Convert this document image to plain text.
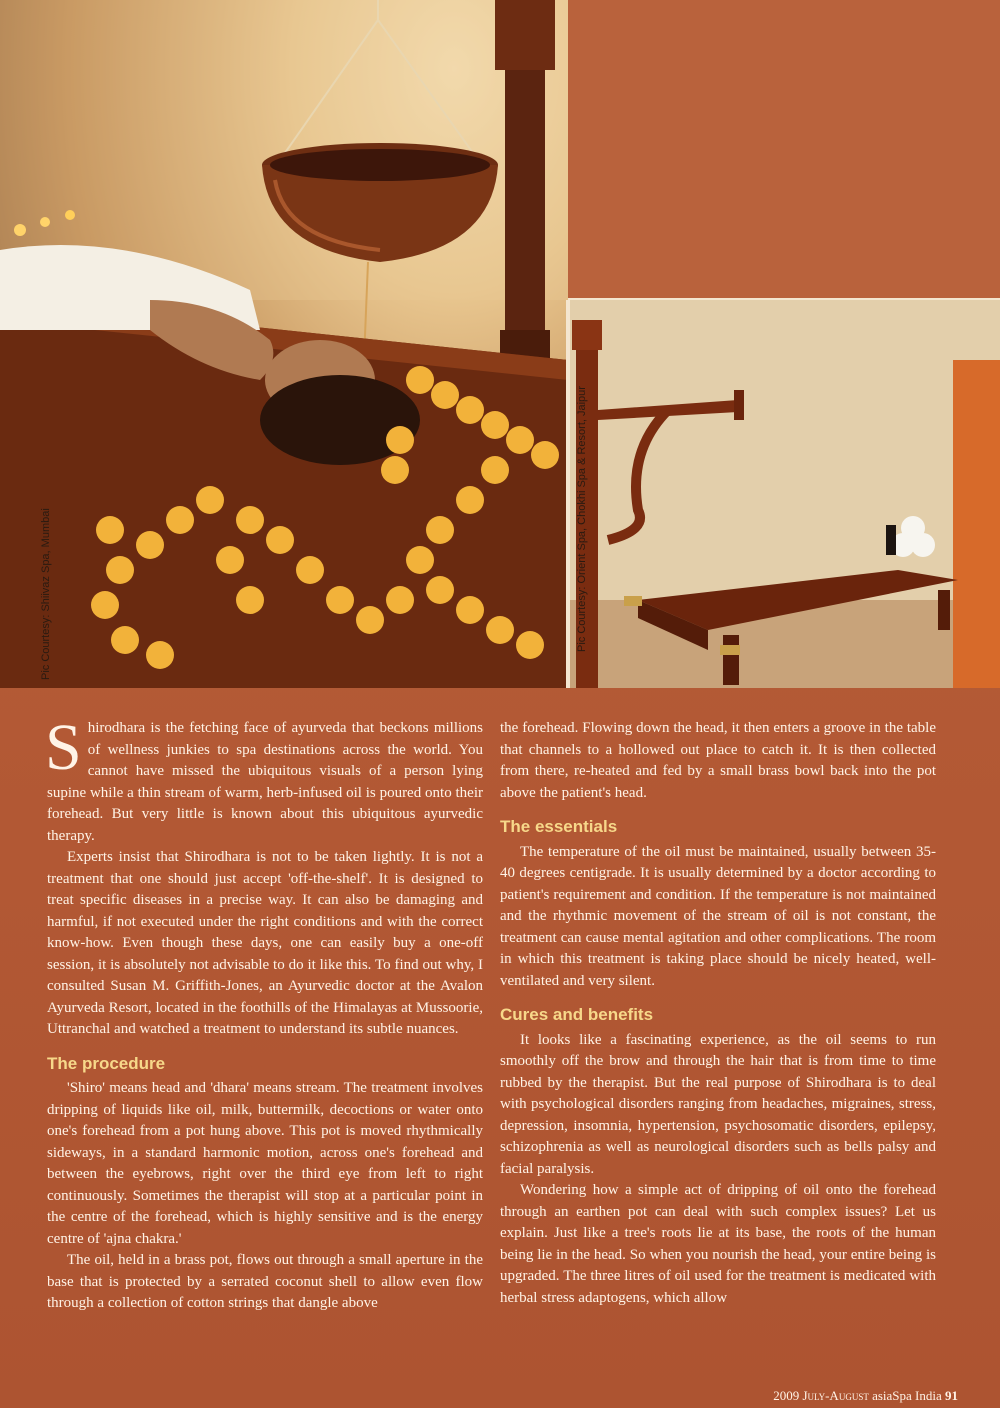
Pic Courtesy: Shiivaz Spa, Mumbai	Pic Courtesy: Orient Spa, Chokhi Spa & Resort, Jaipur

Shirodhara is the fetching face of ayurveda that beckons millions of wellness junkies to spa destinations across the world. You cannot have missed the ubiquitous visuals of a person lying supine while a thin stream of warm, herb-infused oil is poured onto their forehead. But very little is known about this ubiquitous ayurvedic therapy.

Experts insist that Shirodhara is not to be taken lightly. It is not a treatment that one should just accept 'off-the-shelf'. It is designed to treat specific diseases in a precise way. It can also be damaging and harmful, if not executed under the right conditions and with the correct know-how. Even though these days, one can easily buy a one-off session, it is absolutely not advisable to do it like this. To find out why, I consulted Susan M. Griffith-Jones, an Ayurvedic doctor at the Avalon Ayurveda Resort, located in the foothills of the Himalayas at Mussoorie, Uttranchal and watched a treatment to understand its subtle nuances.

The procedure

'Shiro' means head and 'dhara' means stream. The treatment involves dripping of liquids like oil, milk, buttermilk, decoctions or water onto one's forehead from a pot hung above. This pot is moved rhythmically sideways, in a standard harmonic motion, across one's forehead and between the eyebrows, right over the third eye from left to right continuously. Sometimes the therapist will stop at a particular point in the centre of the forehead, which is highly sensitive and is the energy centre of 'ajna chakra.'

The oil, held in a brass pot, flows out through a small aperture in the base that is protected by a serrated coconut shell to allow even flow through a collection of cotton strings that dangle above

the forehead. Flowing down the head, it then enters a groove in the table that channels to a hollowed out place to catch it. It is then collected from there, re-heated and fed by a small brass bowl back into the pot above the patient's head.

The essentials

The temperature of the oil must be maintained, usually between 35-40 degrees centigrade. It is usually determined by a doctor according to patient's requirement and condition. If the temperature is not maintained and the rhythmic movement of the stream of oil is not constant, the treatment can cause mental agitation and other complications. The room in which this treatment is taking place should be nicely heated, well-ventilated and very silent.

Cures and benefits

It looks like a fascinating experience, as the oil seems to run smoothly off the brow and through the hair that is from time to time rubbed by the therapist. But the real purpose of Shirodhara is to deal with psychological disorders ranging from headaches, migraines, stress, depression, insomnia, hypertension, psychosomatic disorders, epilepsy, schizophrenia as well as neurological disorders such as bells palsy and facial paralysis.

Wondering how a simple act of dripping of oil onto the forehead through an earthen pot can deal with such complex issues? Let us explain. Just like a tree's roots lie at its base, the roots of the human being lie in the head. So when you nourish the head, your entire being is upgraded. The three litres of oil used for the treatment is medicated with herbal stress adaptogens, which allow

2009 July-August asiaSpa India 91
